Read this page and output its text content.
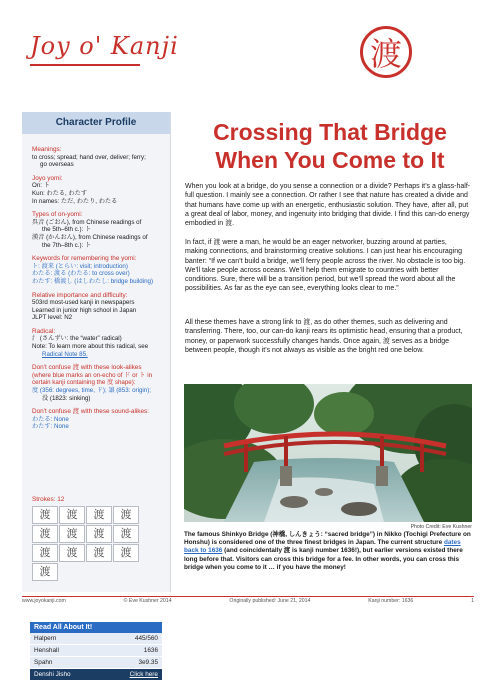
Joy o' Kanji	渡
Character Profile
Meanings:
to cross; spread; hand over, deliver; ferry;
go overseas
Joyo yomi:
On: ト
Kun: わたる, わたす
In names: ただ, わたり, わたる
Types of on-yomi:
呉音 (ごおん), from Chinese readings of
the 5th–6th c.): ト
漢音 (かんおん), from Chinese readings of
the 7th–8th c.): ト
Keywords for remembering the yomi:
ト: 渡来 (とらい: visit; introduction)
わたる: 渡る (わたる: to cross over)
わたす: 橋渡し (はしわたし: bridge building)
Relative importance and difficulty:
503rd most-used kanji in newspapers
Learned in junior high school in Japan
JLPT level: N2
Radical:
氵 (さんずい: the “water” radical)
Note: To learn more about this radical, see
Radical Note 85.
Don't confuse 渡 with these look-alikes
(where blue marks an on-echo of ド or ト in
certain kanji containing the 度 shape):
度 (356: degrees, time, ド); 譲 (853: origin);
没 (1823: sinking)
Don't confuse 渡 with these sound-alikes:
わたる: None
わたす: None
Strokes: 12
渡	渡	渡	渡
渡	渡	渡	渡
渡	渡	渡	渡
渡
Read All About It!
Halpern	445/560
Henshall	1636
Spahn	3e9.35
Denshi Jisho	Click here
Crossing That Bridge
When You Come to It
When you look at a bridge, do you sense a connection or a divide? Perhaps it’s a glass-half-full question. I mainly see a connection. Or rather I see that nature has created a divide and that humans have come up with an energetic, enthusiastic solution. They have, after all, put a great deal of labor, money, and ingenuity into bridging that divide. I find this can-do energy embodied in 渡.
In fact, if 渡 were a man, he would be an eager networker, buzzing around at parties, making connections, and brainstorming creative solutions. I can just hear his encouraging banter: “If we can’t build a bridge, we’ll ferry people across the river. No obstacle is too big. We’ll take people across oceans. We’ll help them emigrate to countries with better conditions. Sure, there will be a transition period, but we’ll spread the word about all the possibilities. As far as the eye can see, everything looks clear to me.”
All these themes have a strong link to 渡, as do other themes, such as delivering and transferring. There, too, our can-do kanji rears its optimistic head, ensuring that a product, money, or paperwork successfully changes hands. Once again, 渡 serves as a bridge between people, though it’s not always as visible as the bright red one below.
Photo Credit: Eve Kushner
The famous Shinkyo Bridge (神橋, しんきょう: “sacred bridge”) in Nikko (Tochigi Prefecture on Honshu) is considered one of the three finest bridges in Japan. The current structure dates back to 1636 (and coincidentally 渡 is kanji number 1636!), but earlier versions existed there long before that. Visitors can cross this bridge for a fee. In other words, you can cross this bridge when you come to it … if you have the money!
www.joyokanji.com	© Eve Kushner 2014	Originally published: June 21, 2014	Kanji number: 1636	1
